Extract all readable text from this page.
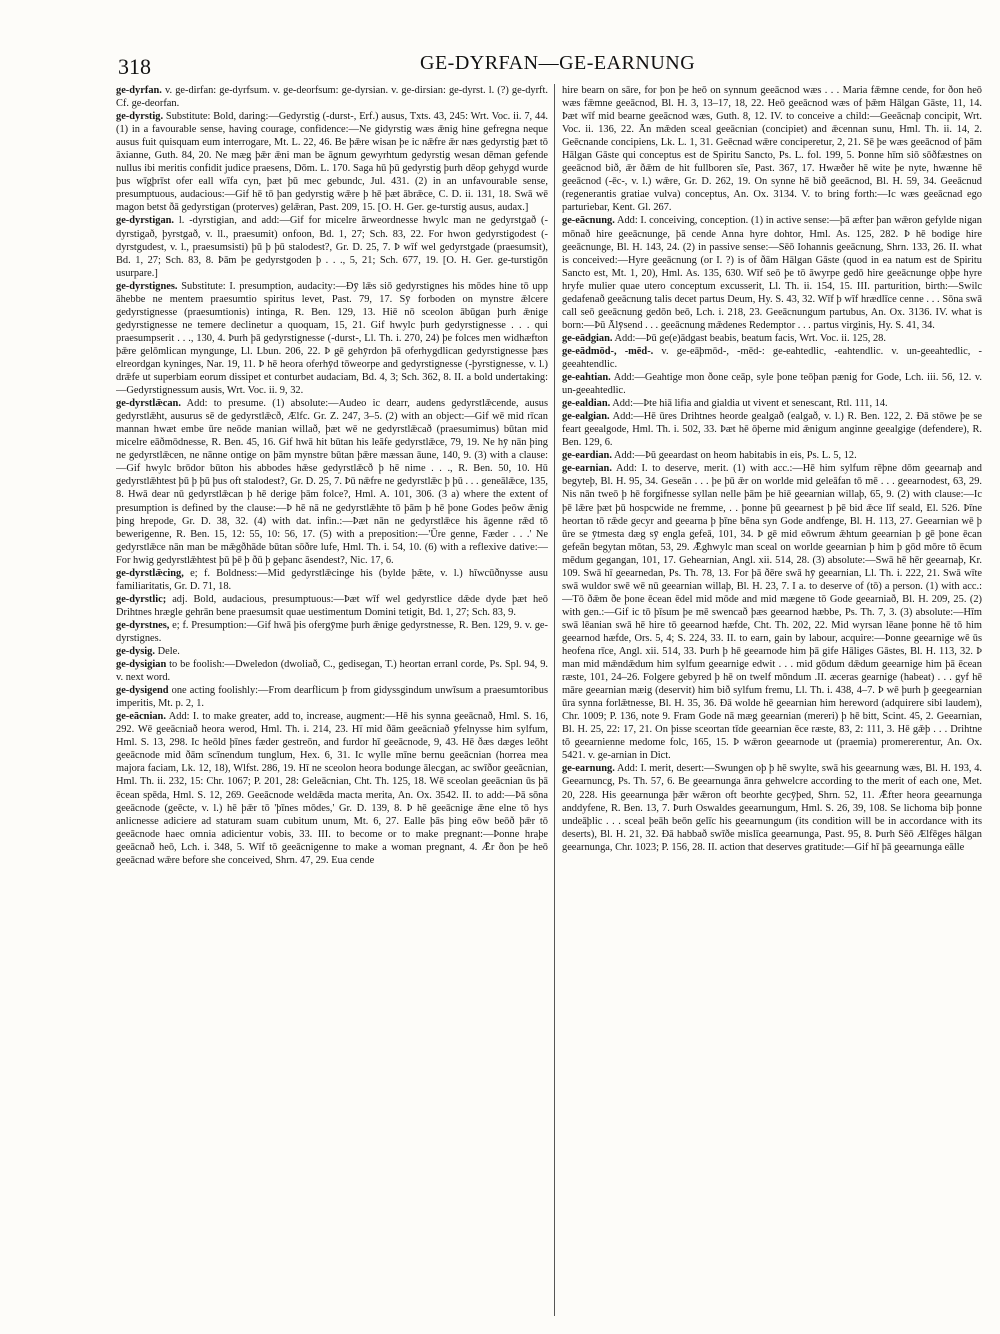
318	GE-DYRFAN—GE-EARNUNG

ge-dyrfan. v. ge-dirfan: ge-dyrfsum. v. ge-deorfsum: ge-dyrsian. v. ge-dirsian: ge-dyrst. l. (?) ge-dyrft. Cf. ge-deorfan.

ge-dyrstig. Substitute: Bold, daring:—Gedyrstig (-durst-, Erf.) ausus, Txts. 43, 245: Wrt. Voc. ii. 7, 44. (1) in a favourable sense, having courage, confidence:—Ne gidyrstig wæs ǣnig hine gefregna neque ausus fuit quisquam eum interrogare, Mt. L. 22, 46. Be þǣre wisan þe ic nǣfre ǣr næs gedyrstig þæt tō āxianne, Guth. 84, 20. Ne mæg þǣr ǣni man be āgnum gewyrhtum gedyrstig wesan dēman gefende nullus ibi meritis confidit judice praesens, Dōm. L. 170. Saga hū þū gedyrstig þurh dēop gehygd wurde þus wīgþrīst ofer eall wīfa cyn, þæt þū mec gebundc, Jul. 431. (2) in an unfavourable sense, presumptuous, audacious:—Gif hē tō þan gedyrstig wǣre þ hē þæt ābrǣce, C. D. ii. 131, 18. Swā wē magon betst ðā gedyrstigan (proterves) gelǣran, Past. 209, 15. [O. H. Ger. ge-turstig ausus, audax.]

ge-dyrstigan. l. -dyrstigian, and add:—Gif for micelre ārweordnesse hwylc man ne gedyrstgað (-dyrstigað, þyrstgað, v. ll., praesumit) onfoon, Bd. 1, 27; Sch. 83, 22. For hwon gedyrstigodest (-dyrstgudest, v. l., praesumsisti) þū þ þū stalodest?, Gr. D. 25, 7. Þ wīf wel gedyrstgade (praesumsit), Bd. 1, 27; Sch. 83, 8. Þām þe gedyrstgoden þ . . ., 5, 21; Sch. 677, 19. [O. H. Ger. ge-turstigōn usurpare.]

ge-dyrstignes. Substitute: I. presumption, audacity:—Ðȳ lǣs siō gedyrstignes his mōdes hine tō upp āhebbe ne mentem praesumtio spiritus levet, Past. 79, 17. Sȳ forboden on mynstre ǣlcere gedyrstignesse (praesumtionis) intinga, R. Ben. 129, 13. Hiē nō sceolon ābūgan þurh ǣnige gedyrstignesse ne temere declinetur a quoquam, 15, 21. Gif hwylc þurh gedyrstignesse . . . qui praesumpserit . . ., 130, 4. Þurh þā gedyrstignesse (-durst-, Ll. Th. i. 270, 24) þe folces men widhæfton þǣre gelōmlican myngunge, Ll. Lbun. 206, 22. Þ gē gehȳrdon þā oferhygdlican gedyrstignesse þæs elreordgan kyninges, Nar. 19, 11. Þ hē heora oferhȳd tōweorpe and gedyrstignesse (-þyrstignesse, v. l.) drǣfe ut superbiam eorum dissipet et conturbet audaciam, Bd. 4, 3; Sch. 362, 8. II. a bold undertaking:—Gedyrstignessum ausis, Wrt. Voc. ii. 9, 32.

ge-dyrstlǣcan. Add: to presume. (1) absolute:—Audeo ic dearr, audens gedyrstlǣcende, ausus gedyrstlǣht, ausurus sē de gedyrstlǣcð, Ælfc. Gr. Z. 247, 3–5. (2) with an object:—Gif wē mid rīcan mannan hwæt embe ūre neōde manian willað, þæt wē ne gedyrstlǣcað (praesumimus) būtan mid micelre eāðmōdnesse, R. Ben. 45, 16. Gif hwā hit būtan his leāfe gedyrstlǣce, 79, 19. Ne hȳ nān þing ne gedyrstlǣcen, ne nānne ontige on þām mynstre būtan þǣre mæssan āune, 140, 9. (3) with a clause:—Gif hwylc brōdor būton his abbodes hǣse gedyrstlǣcð þ hē nime . . ., R. Ben. 50, 10. Hū gedyrstlǣhtest þū þ þū þus oft stalodest?, Gr. D. 25, 7. Þū nǣfre ne gedyrstlǣc þ þū . . . geneālǣce, 135, 8. Hwā dear nū gedyrstlǣcan þ hē derige þām folce?, Hml. A. 101, 306. (3 a) where the extent of presumption is defined by the clause:—Þ hē nā ne gedyrstlǣhte tō þām þ hē þone Godes þeōw ǣnig þing hrepode, Gr. D. 38, 32. (4) with dat. infin.:—Þæt nān ne gedyrstlǣce his āgenne rǣd tō bewerigenne, R. Ben. 15, 12: 55, 10: 56, 17. (5) with a preposition:—'Ūre genne, Fæder . . .' Ne gedyrstlǣce nān man be mǣgðhāde būtan sōðre lufe, Hml. Th. i. 54, 10. (6) with a reflexive dative:—For hwig gedyrstlǣhtest þū þē þ ðū þ geþanc āsendest?, Nic. 17, 6.

ge-dyrstlǣcing, e; f. Boldness:—Mid gedyrstlǣcinge his (bylde þǣte, v. l.) hīwcūðnysse ausu familiaritatis, Gr. D. 71, 18.

ge-dyrstlic; adj. Bold, audacious, presumptuous:—Þæt wīf wel gedyrstlice dǣde dyde þæt heō Drihtnes hrægle gehrān bene praesumsit quae uestimentum Domini tetigit, Bd. 1, 27; Sch. 83, 9.

ge-dyrstnes, e; f. Presumption:—Gif hwā þis ofergȳme þurh ǣnige gedyrstnesse, R. Ben. 129, 9. v. ge-dyrstignes.

ge-dysig. Dele.

ge-dysigian to be foolish:—Dweledon (dwoliað, C., gedisegan, T.) heortan erranl corde, Ps. Spl. 94, 9. v. next word.

ge-dysigend one acting foolishly:—From dearflicum þ from gidyssgindum unwīsum a praesumtoribus imperitis, Mt. p. 2, 1.

ge-eācnian. Add: I. to make greater, add to, increase, augment:—Hē his synna geeācnað, Hml. S. 16, 292. Wē geeācniað heora werod, Hml. Th. i. 214, 23. Hī mid ðām geeācniað ȳfelnysse him sylfum, Hml. S. 13, 298. Ic heōld þīnes fæder gestreōn, and furdor hī geeācnode, 9, 43. Hē ðæs dæges leōht geeācnode mid ðām scīnendum tunglum, Hex. 6, 31. Ic wylle mīne bernu geeācnian (horrea mea majora faciam, Lk. 12, 18), Wlfst. 286, 19. Hī ne sceolon heora bodunge ālecgan, ac swīðor geeācnian, Hml. Th. ii. 232, 15: Chr. 1067; P. 201, 28: Geleācnian, Cht. Th. 125, 18. Wē sceolan geeācnian ūs þā ēcean spēda, Hml. S. 12, 269. Geeācnode weldǣda macta merita, An. Ox. 3542. II. to add:—Þā sōna geeācnode (geēcte, v. l.) hē þǣr tō 'þīnes mōdes,' Gr. D. 139, 8. Þ hē geeācnige ǣne elne tō hys anlicnesse adiciere ad staturam suam cubitum unum, Mt. 6, 27. Ealle þās þing eōw beōð þǣr tō geeācnode haec omnia adicientur vobis, 33. III. to become or to make pregnant:—Þonne hraþe geeācnað heō, Lch. i. 348, 5. Wīf tō geeācnigenne to make a woman pregnant, 4. Ǣr ðon þe heō geeācnad wǣre before she conceived, Shrn. 47, 29. Eua cende

hire bearn on sāre, for þon þe heō on synnum geeācnod wæs . . . Maria fǣmne cende, for ðon heō wæs fǣmne geeācnod, Bl. H. 3, 13–17, 18, 22. Heō geeācnod wæs of þǣm Hālgan Gāste, 11, 14. Þæt wīf mid bearne geeācnod wæs, Guth. 8, 12. IV. to conceive a child:—Geeācnaþ concipit, Wrt. Voc. ii. 136, 22. Ān mǣden sceal geeācnian (concipiet) and ǣcennan sunu, Hml. Th. ii. 14, 2. Geēcnande concipiens, Lk. L. 1, 31. Geēcnad wǣre conciperetur, 2, 21. Sē þe wæs geeācnod of þām Hālgan Gāste qui conceptus est de Spiritu Sancto, Ps. L. fol. 199, 5. Þonne hīm siō sōðfæstnes on geeācnod bið, ǣr ðǣm de hit fullboren sīe, Past. 367, 17. Hwæðer hē wite þe nyte, hwænne hē geeācnod (-ēc-, v. l.) wǣre, Gr. D. 262, 19. On synne hē bið geeācnod, Bl. H. 59, 34. Geeācnud (regenerantis gratiae vulva) conceptus, An. Ox. 3134. V. to bring forth:—Ic wæs geeācnad ego parturiebar, Kent. Gl. 267.

ge-eācnung. Add: I. conceiving, conception. (1) in active sense:—þā æfter þan wǣron gefylde nigan mōnað hire geeācnunge, þā cende Anna hyre dohtor, Hml. As. 125, 282. Þ hē bodige hire geeācnunge, Bl. H. 143, 24. (2) in passive sense:—Sēō Iohannis geeācnung, Shrn. 133, 26. II. what is conceived:—Hyre geeācnung (or I. ?) is of ðām Hālgan Gāste (quod in ea natum est de Spiritu Sancto est, Mt. 1, 20), Hml. As. 135, 630. Wīf seō þe tō āwyrpe gedō hire geeācnunge oþþe hyre hryfe mulier quae utero conceptum excusserit, Ll. Th. ii. 154, 15. III. parturition, birth:—Swilc gedafenað geeācnung talis decet partus Deum, Hy. S. 43, 32. Wīf þ wīf hrædlīce cenne . . . Sōna swā call seō geeācnung gedōn beō, Lch. i. 218, 23. Geeācnungum partubus, An. Ox. 3136. IV. what is born:—Þū Ālȳsend . . . geeācnung mǣdenes Redemptor . . . partus virginis, Hy. S. 41, 34.

ge-eādgian. Add:—Þū ge(e)ādgast beabis, beatum facis, Wrt. Voc. ii. 125, 28.

ge-eādmōd-, -mēd-. v. ge-eāþmōd-, -mēd-: ge-eahtedlic, -eahtendlic. v. un-geeahtedlic, -geeahtendlic.

ge-eahtian. Add:—Geahtige mon ðone ceāp, syle þone teōþan pænig for Gode, Lch. iii. 56, 12. v. un-geeahtedlic.

ge-ealdian. Add:—Þte hiā lifia and gialdia ut vivent et senescant, Rtl. 111, 14.

ge-ealgian. Add:—Hē ūres Drihtnes heorde gealgað (ealgað, v. l.) R. Ben. 122, 2. Ðā stōwe þe se feart geealgode, Hml. Th. i. 502, 33. Þæt hē ōþerne mid ǣnigum anginne geealgige (defendere), R. Ben. 129, 6.

ge-eardian. Add:—Þū geeardast on heom habitabis in eis, Ps. L. 5, 12.

ge-earnian. Add: I. to deserve, merit. (1) with acc.:—Hē him sylfum rēþne dōm geearnaþ and begyteþ, Bl. H. 95, 34. Geseān . . . þe þū ǣr on worlde mid geleāfan tō mē . . . geearnodest, 63, 29. Nis nān tweō þ hē forgifnesse syllan nelle þām þe hiē geearnian willaþ, 65, 9. (2) with clause:—Ic þē lǣre þæt þū hospcwide ne fremme, . . þonne þū geearnest þ þē bid ǣce līf seald, El. 526. Þīne heortan tō rǣde gecyr and geearna þ þīne bēna syn Gode andfenge, Bl. H. 113, 27. Geearnian wē þ ūre se ȳtmesta dæg sȳ engla gefeā, 101, 34. Þ gē mid eōwrum ǣhtum geearnian þ gē þone ēcan gefeān begytan mōtan, 53, 29. Ǣghwylc man sceal on worlde geearnian þ him þ gōd mōre tō ēcum mēdum gegangan, 101, 17. Gehearnian, Angl. xii. 514, 28. (3) absolute:—Swā hē hēr geearnaþ, Kr. 109. Swā hī geearnedan, Ps. Th. 78, 13. For þā ðēre swā hȳ geearnian, Ll. Th. i. 222, 21. Swā wīte swā wuldor swē wē nū geearnian willaþ, Bl. H. 23, 7. I a. to deserve of (tō) a person. (1) with acc.:—Tō ðǣm ðe þone ēcean ēdel mid mōde and mid mægene tō Gode geearniað, Bl. H. 209, 25. (2) with gen.:—Gif ic tō þīsum þe mē swencað þæs geearnod hæbbe, Ps. Th. 7, 3. (3) absolute:—Hīm swā lēanian swā hē hire tō geearnod hæfde, Cht. Th. 202, 22. Mid wyrsan lēane þonne hē tō him geearnod hæfde, Ors. 5, 4; S. 224, 33. II. to earn, gain by labour, acquire:—Þonne geearnige wē ūs heofena rīce, Angl. xii. 514, 33. Þurh þ hē geearnode him þā gife Hāliges Gāstes, Bl. H. 113, 32. Þ man mid mǣndǣdum him sylfum geearnige edwit . . . mid gōdum dǣdum geearnige him þā ēcean ræste, 101, 24–26. Folgere gebyred þ hē on twelf mōndum .II. æceras gearnige (habeat) . . . gyf hē māre geearnian mæig (deservit) him bið sylfum fremu, Ll. Th. i. 438, 4–7. Þ wē þurh þ geegearnian ūra synna forlǣtnesse, Bl. H. 35, 36. Ðā wolde hē geearnian him hereword (adquirere sibi laudem), Chr. 1009; P. 136, note 9. Fram Gode nā mæg geearnian (mereri) þ hē bitt, Scint. 45, 2. Geearnian, Bl. H. 25, 22: 17, 21. On þisse sceortan tīde geearnian ēce ræste, 83, 2: 111, 3. Hē gǣþ . . . Drihtne tō geearnienne medome folc, 165, 15. Þ wǣron geearnode ut (praemia) promererentur, An. Ox. 5421. v. ge-arnian in Dict.

ge-earnung. Add: I. merit, desert:—Swungen oþ þ hē swylte, swā his geearnung wæs, Bl. H. 193, 4. Geearnuncg, Ps. Th. 57, 6. Be geearnunga ānra gehwelcre according to the merit of each one, Met. 20, 228. His geearnunga þǣr wǣron oft beorhte gecȳþed, Shrn. 52, 11. Ǣfter heora geearnunga anddyfene, R. Ben. 13, 7. Þurh Oswaldes geearnungum, Hml. S. 26, 39, 108. Se lichoma biþ þonne undeāþlic . . . sceal þeāh beōn gelīc his geearnungum (its condition will be in accordance with its deserts), Bl. H. 21, 32. Ðā habbað swīðe mislīca geearnunga, Past. 95, 8. Þurh Sēō Ælfēges hālgan geearnunga, Chr. 1023; P. 156, 28. II. action that deserves gratitude:—Gif hī þā geearnunga eālle
